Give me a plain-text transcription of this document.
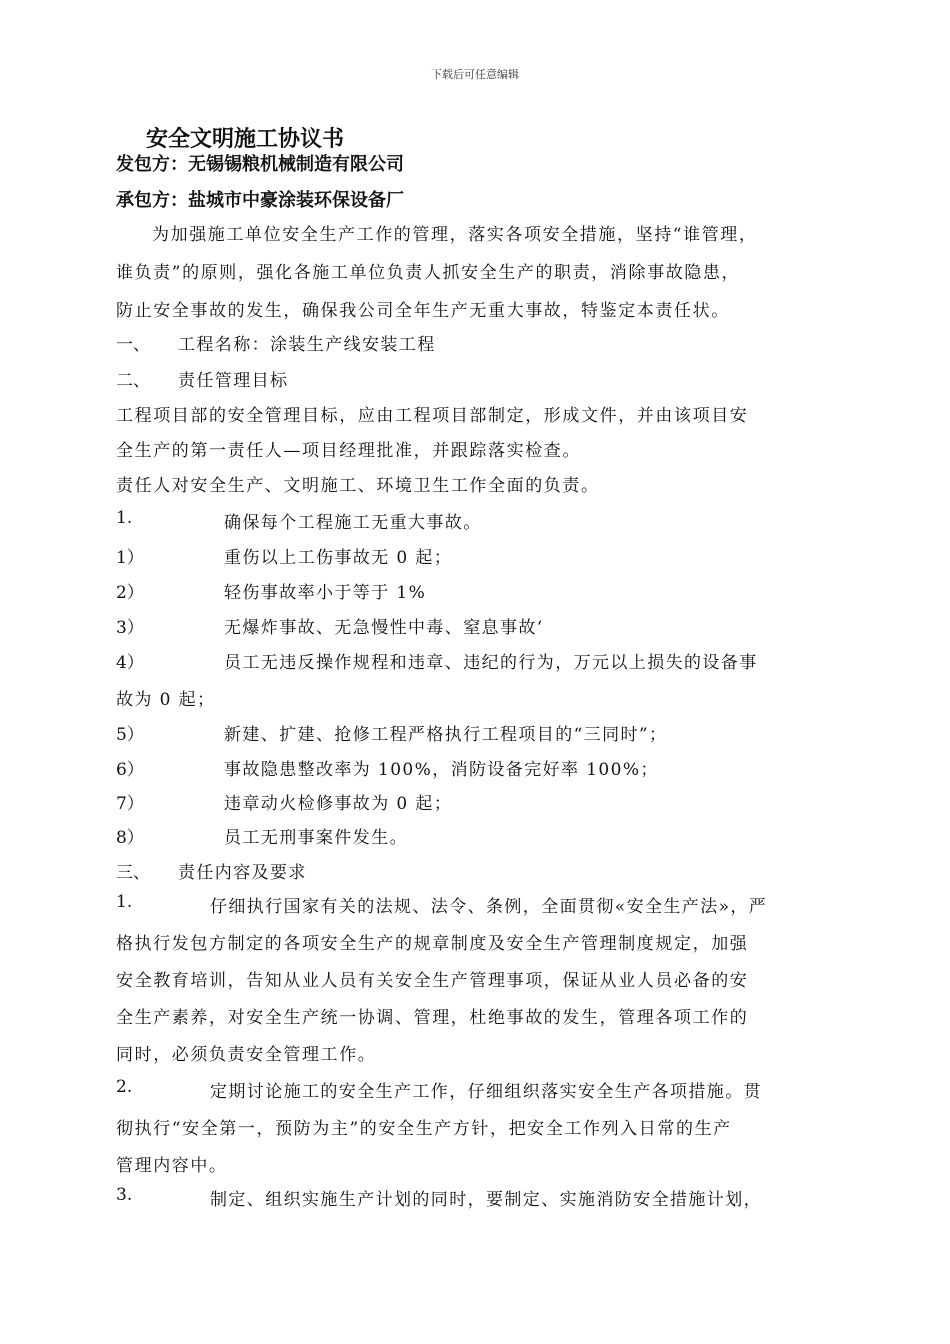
下载后可任意编辑
安全文明施工协议书
发包方：无锡锡粮机械制造有限公司
承包方：盐城市中豪涂装环保设备厂
为加强施工单位安全生产工作的管理，落实各项安全措施，坚持“谁管理，
谁负责”的原则，强化各施工单位负责人抓安全生产的职责，消除事故隐患，
防止安全事故的发生，确保我公司全年生产无重大事故，特鉴定本责任状。
一、 工程名称：涂装生产线安装工程
二、 责任管理目标
工程项目部的安全管理目标，应由工程项目部制定，形成文件，并由该项目安
全生产的第一责任人—项目经理批准，并跟踪落实检查。
责任人对安全生产、文明施工、环境卫生工作全面的负责。
1.	确保每个工程施工无重大事故。
1）	重伤以上工伤事故无 0 起；
2）	轻伤事故率小于等于 1%
3）	无爆炸事故、无急慢性中毒、窒息事故‘
4）	员工无违反操作规程和违章、违纪的行为，万元以上损失的设备事
故为 0 起；
5）	新建、扩建、抢修工程严格执行工程项目的“三同时”；
6）	事故隐患整改率为 100%，消防设备完好率 100%；
7）	违章动火检修事故为 0 起；
8）	员工无刑事案件发生。
三、 责任内容及要求
1.	仔细执行国家有关的法规、法令、条例，全面贯彻«安全生产法»，严
格执行发包方制定的各项安全生产的规章制度及安全生产管理制度规定，加强
安全教育培训，告知从业人员有关安全生产管理事项，保证从业人员必备的安
全生产素养，对安全生产统一协调、管理，杜绝事故的发生，管理各项工作的
同时，必须负责安全管理工作。
2.	定期讨论施工的安全生产工作，仔细组织落实安全生产各项措施。贯
彻执行“安全第一，预防为主”的安全生产方针，把安全工作列入日常的生产
管理内容中。
3.	制定、组织实施生产计划的同时，要制定、实施消防安全措施计划，
